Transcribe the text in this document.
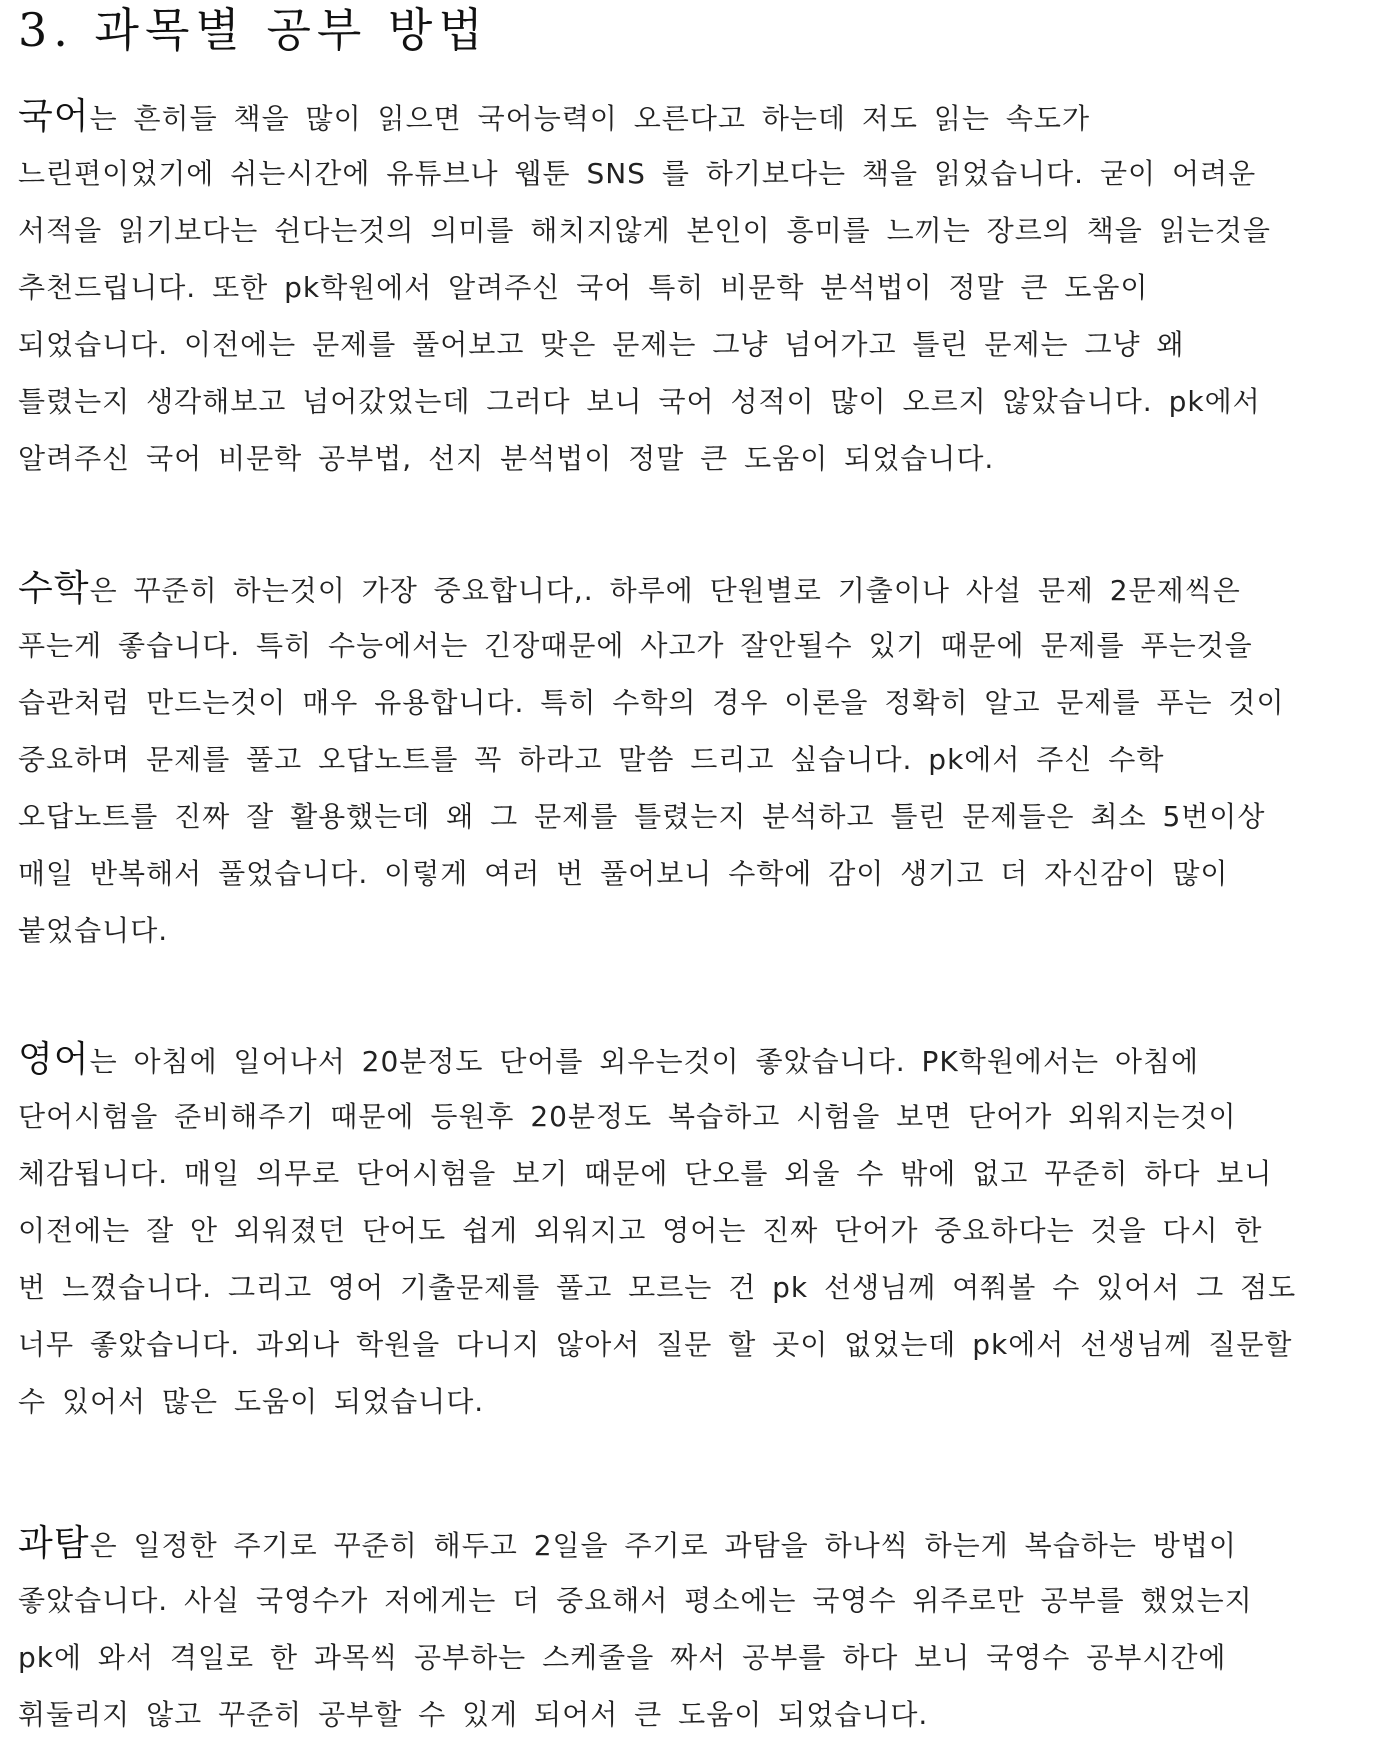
3. 과목별 공부 방법
국어는 흔히들 책을 많이 읽으면 국어능력이 오른다고 하는데 저도 읽는 속도가
느린편이었기에 쉬는시간에 유튜브나 웹툰 SNS 를 하기보다는 책을 읽었습니다. 굳이 어려운
서적을 읽기보다는 쉰다는것의 의미를 해치지않게 본인이 흥미를 느끼는 장르의 책을 읽는것을
추천드립니다. 또한 pk학원에서 알려주신 국어 특히 비문학 분석법이 정말 큰 도움이
되었습니다. 이전에는 문제를 풀어보고 맞은 문제는 그냥 넘어가고 틀린 문제는 그냥 왜
틀렸는지 생각해보고 넘어갔었는데 그러다 보니 국어 성적이 많이 오르지 않았습니다. pk에서
알려주신 국어 비문학 공부법, 선지 분석법이 정말 큰 도움이 되었습니다.
수학은 꾸준히 하는것이 가장 중요합니다,. 하루에 단원별로 기출이나 사설 문제 2문제씩은
푸는게 좋습니다. 특히 수능에서는 긴장때문에 사고가 잘안될수 있기 때문에 문제를 푸는것을
습관처럼 만드는것이 매우 유용합니다. 특히 수학의 경우 이론을 정확히 알고 문제를 푸는 것이
중요하며 문제를 풀고 오답노트를 꼭 하라고 말씀 드리고 싶습니다. pk에서 주신 수학
오답노트를 진짜 잘 활용했는데 왜 그 문제를 틀렸는지 분석하고 틀린 문제들은 최소 5번이상
매일 반복해서 풀었습니다. 이렇게 여러 번 풀어보니 수학에 감이 생기고 더 자신감이 많이
붙었습니다.
영어는 아침에 일어나서 20분정도 단어를 외우는것이 좋았습니다. PK학원에서는 아침에
단어시험을 준비해주기 때문에 등원후 20분정도 복습하고 시험을 보면 단어가 외워지는것이
체감됩니다. 매일 의무로 단어시험을 보기 때문에 단오를 외울 수 밖에 없고 꾸준히 하다 보니
이전에는 잘 안 외워졌던 단어도 쉽게 외워지고 영어는 진짜 단어가 중요하다는 것을 다시 한
번 느꼈습니다. 그리고 영어 기출문제를 풀고 모르는 건 pk 선생님께 여쭤볼 수 있어서 그 점도
너무 좋았습니다. 과외나 학원을 다니지 않아서 질문 할 곳이 없었는데 pk에서 선생님께 질문할
수 있어서 많은 도움이 되었습니다.
과탐은 일정한 주기로 꾸준히 해두고 2일을 주기로 과탐을 하나씩 하는게 복습하는 방법이
좋았습니다. 사실 국영수가 저에게는 더 중요해서 평소에는 국영수 위주로만 공부를 했었는지
pk에 와서 격일로 한 과목씩 공부하는 스케줄을 짜서 공부를 하다 보니 국영수 공부시간에
휘둘리지 않고 꾸준히 공부할 수 있게 되어서 큰 도움이 되었습니다.
